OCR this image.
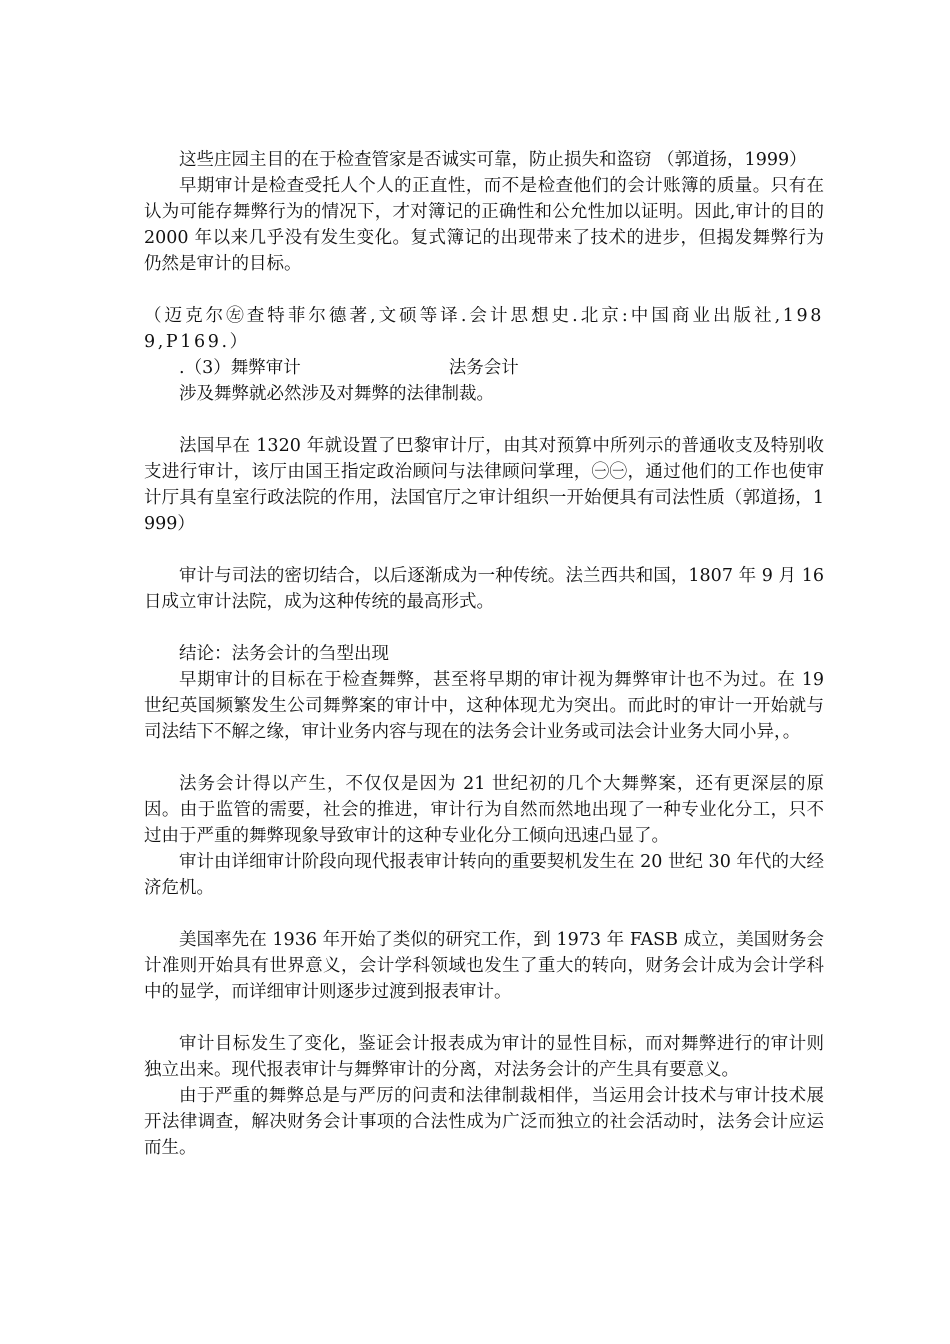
这些庄园主目的在于检查管家是否诚实可靠，防止损失和盗窃 （郭道扬，1999）

早期审计是检查受托人个人的正直性，而不是检查他们的会计账簿的质量。只有在认为可能存舞弊行为的情况下，才对簿记的正确性和公允性加以证明。因此,审计的目的 2000 年以来几乎没有发生变化。复式簿记的出现带来了技术的进步，但揭发舞弊行为仍然是审计的目标。

（迈克尔㊧查特菲尔德著,文硕等译.会计思想史.北京:中国商业出版社,1989,P169.）

.（3）舞弊审计	法务会计

涉及舞弊就必然涉及对舞弊的法律制裁。

法国早在 1320 年就设置了巴黎审计厅，由其对预算中所列示的普通收支及特别收支进行审计，该厅由国王指定政治顾问与法律顾问掌理，㊀㊀，通过他们的工作也使审计厅具有皇室行政法院的作用，法国官厅之审计组织一开始便具有司法性质（郭道扬，1999）

审计与司法的密切结合，以后逐渐成为一种传统。法兰西共和国，1807 年 9 月 16 日成立审计法院，成为这种传统的最高形式。

结论：法务会计的刍型出现

早期审计的目标在于检查舞弊，甚至将早期的审计视为舞弊审计也不为过。在 19 世纪英国频繁发生公司舞弊案的审计中，这种体现尤为突出。而此时的审计一开始就与司法结下不解之缘，审计业务内容与现在的法务会计业务或司法会计业务大同小异，。

法务会计得以产生，不仅仅是因为 21 世纪初的几个大舞弊案，还有更深层的原因。由于监管的需要，社会的推进，审计行为自然而然地出现了一种专业化分工，只不过由于严重的舞弊现象导致审计的这种专业化分工倾向迅速凸显了。

审计由详细审计阶段向现代报表审计转向的重要契机发生在 20 世纪 30 年代的大经济危机。

美国率先在 1936 年开始了类似的研究工作，到 1973 年 FASB 成立，美国财务会计准则开始具有世界意义，会计学科领域也发生了重大的转向，财务会计成为会计学科中的显学，而详细审计则逐步过渡到报表审计。

审计目标发生了变化，鉴证会计报表成为审计的显性目标，而对舞弊进行的审计则独立出来。现代报表审计与舞弊审计的分离，对法务会计的产生具有要意义。

由于严重的舞弊总是与严厉的问责和法律制裁相伴，当运用会计技术与审计技术展开法律调查，解决财务会计事项的合法性成为广泛而独立的社会活动时，法务会计应运而生。
